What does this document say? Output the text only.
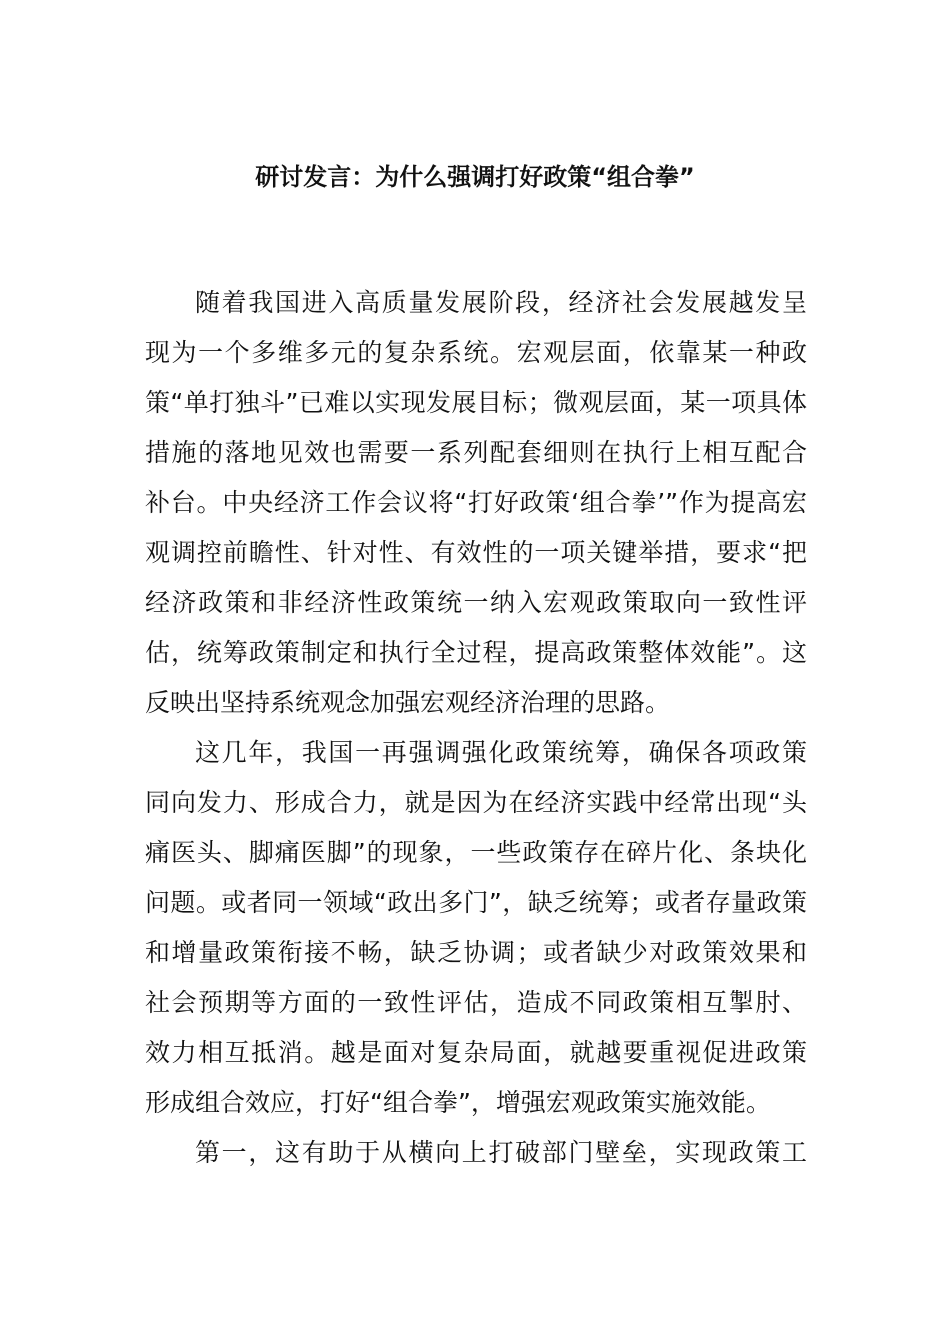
研讨发言：为什么强调打好政策“组合拳”
随着我国进入高质量发展阶段，经济社会发展越发呈
现为一个多维多元的复杂系统。宏观层面，依靠某一种政
策“单打独斗”已难以实现发展目标；微观层面，某一项具体
措施的落地见效也需要一系列配套细则在执行上相互配合
补台。中央经济工作会议将“打好政策‘组合拳’”作为提高宏
观调控前瞻性、针对性、有效性的一项关键举措，要求“把
经济政策和非经济性政策统一纳入宏观政策取向一致性评
估，统筹政策制定和执行全过程，提高政策整体效能”。这
反映出坚持系统观念加强宏观经济治理的思路。
这几年，我国一再强调强化政策统筹，确保各项政策
同向发力、形成合力，就是因为在经济实践中经常出现“头
痛医头、脚痛医脚”的现象，一些政策存在碎片化、条块化
问题。或者同一领域“政出多门”，缺乏统筹；或者存量政策
和增量政策衔接不畅，缺乏协调；或者缺少对政策效果和
社会预期等方面的一致性评估，造成不同政策相互掣肘、
效力相互抵消。越是面对复杂局面，就越要重视促进政策
形成组合效应，打好“组合拳”，增强宏观政策实施效能。
第一，这有助于从横向上打破部门壁垒，实现政策工
